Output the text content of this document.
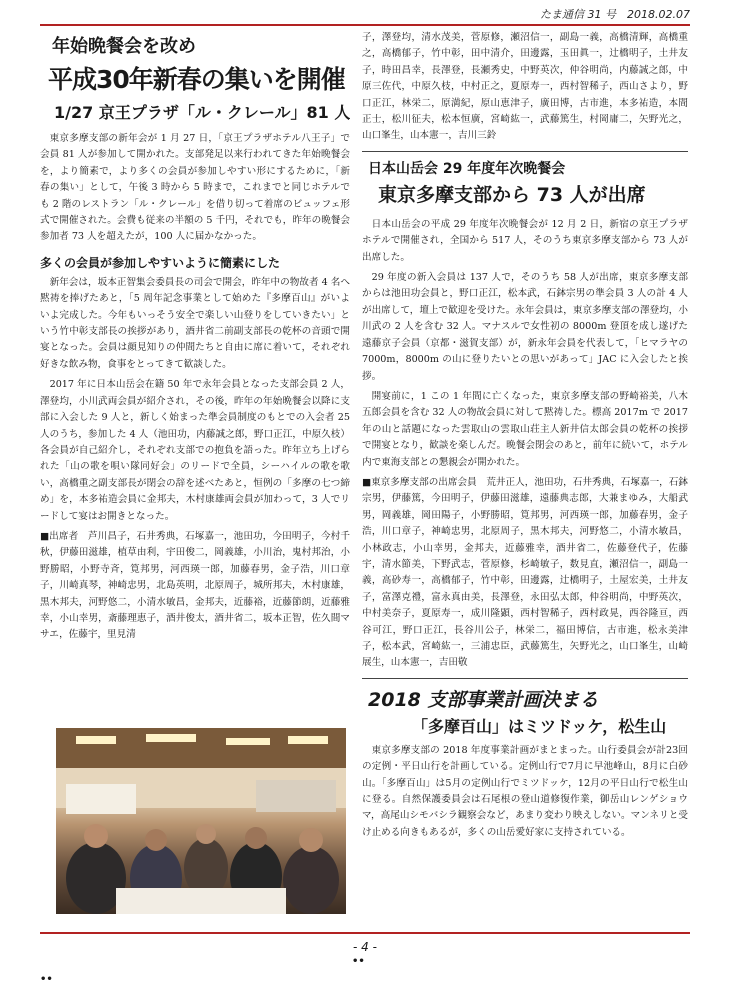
たま通信 31 号　2018.02.07
年始晩餐会を改め
平成30年新春の集いを開催
1/27 京王プラザ「ル・クレール」81 人

東京多摩支部の新年会が 1 月 27 日，「京王プラザホテル八王子」で会員 81 人が参加して開かれた。支部発足以来行われてきた年始晩餐会を，より簡素で，より多くの会員が参加しやすい形にするために，「新春の集い」として，午後 3 時から 5 時まで，これまでと同じホテルでも 2 階のレストラン「ル・クレール」を借り切って着席のビュッフェ形式で開催された。会費も従来の半額の 5 千円，それでも，昨年の晩餐会参加者 73 人を超えたが，100 人に届かなかった。

多くの会員が参加しやすいように簡素にした

新年会は，坂本正智集会委員長の司会で開会，昨年中の物故者 4 名へ黙祷を捧げたあと，「5 周年記念事業として始めた『多摩百山』がいよいよ完成した。今年もいっそう安全で楽しい山登りをしていきたい」という竹中彰支部長の挨拶があり，酒井省二前副支部長の乾杯の音頭で開宴となった。会員は顔見知りの仲間たちと自由に席に着いて，それぞれ好きな飲み物，食事をとってきて歓談した。

2017 年に日本山岳会在籍 50 年で永年会員となった支部会員 2 人，澤登均，小川武両会員が紹介され，その後，昨年の年始晩餐会以降に支部に入会した 9 人と，新しく始まった準会員制度のもとでの入会者 25 人のうち，参加した 4 人（池田功，内藤誠之郎，野口正江，中原久枝）各会員が自己紹介し，それぞれ支部での抱負を語った。昨年立ち上げられた「山の歌を唄い隊同好会」のリードで全員，シーハイルの歌を歌い，高橋重之副支部長が閉会の辞を述べたあと，恒例の「多摩の七つ締め」を，本多祐造会員に金邦夫，木村康雄両会員が加わって，3 人でリードして宴はお開きとなった。

■出席者　芦川昌子，石井秀典，石塚嘉一，池田功，今田明子，今村千秋，伊藤田滋雄，植草由利，宇田俊二，岡義雄，小川治，鬼村邦治，小野勝昭，小野寺斉，筧邦男，河西瑛一郎，加藤春男，金子浩，川口章子，川崎真琴，神崎忠男，北島英明，北原周子，城所邦夫，木村康雄，黒木邦夫，河野悠二，小清水敏昌，金邦夫，近藤裕，近藤節朗，近藤雅幸，小山幸男，斎藤理恵子，酒井俊太，酒井省二，坂本正智，佐久間マサエ，佐藤宇，里見清
子，澤登均，清水茂美，菅原修，瀬沼信一，副島一義，高橋清輝，高橋重之，高橋郁子，竹中彰，田中清介，田邊露，玉田眞一，辻橋明子，土井友子，時田昌幸，長澤登，長瀬秀史，中野英次，仲谷明尚，内藤誠之郎，中原三佐代，中原久枝，中村正之，夏原寿一，西村智稀子，西山さより，野口正江，林栄二，原満紀，原山恵津子，廣田博，古市進，本多祐造，本間正士，松川征夫，松本恒廣，宮崎紘一，武藤篤生，村岡庸二，矢野光之，山口峯生，山本憲一，吉川三鈴
日本山岳会 29 年度年次晩餐会
東京多摩支部から 73 人が出席

日本山岳会の平成 29 年度年次晩餐会が 12 月 2 日，新宿の京王プラザホテルで開催され，全国から 517 人，そのうち東京多摩支部から 73 人が出席した。

29 年度の新入会員は 137 人で，そのうち 58 人が出席，東京多摩支部からは池田功会員と，野口正江，松本武，石鉢宗男の準会員 3 人の計 4 人が出席して，壇上で歓迎を受けた。永年会員は，東京多摩支部の澤登均，小川武の 2 人を含む 32 人。マナスルで女性初の 8000m 登頂を成し遂げた遠藤京子会員（京都・滋賀支部）が，新永年会員を代表して，「ヒマラヤの 7000m，8000m の山に登りたいとの思いがあって」JAC に入会したと挨拶。

開宴前に，1 この 1 年間に亡くなった，東京多摩支部の野崎裕美，八木五郎会員を含む 32 人の物故会員に対して黙祷した。標高 2017m で 2017 年の山と話題になった雲取山の雲取山荘主人新井信太郎会員の乾杯の挨拶で開宴となり，歓談を楽しんだ。晩餐会閉会のあと，前年に続いて，ホテル内で東海支部との懇親会が開かれた。

■東京多摩支部の出席会員　荒井正人，池田功，石井秀典，石塚嘉一，石鉢宗男，伊藤篤，今田明子，伊藤田滋雄，遠藤典志郎，大兼まゆみ，大船武男，岡義雄，岡田陽子，小野勝昭，筧邦男，河西瑛一郎，加藤春男，金子浩，川口章子，神崎忠男，北原周子，黒木邦夫，河野悠二，小清水敏昌，小林政志，小山幸男，金邦夫，近藤雅幸，酒井省二，佐藤登代子，佐藤宇，清水節美，下野武志，菅原修，杉崎敏子，数見直，瀬沼信一，副島一義，高砂寿一，高橋郁子，竹中彰，田邊露，辻橋明子，土屋宏美，土井友子，富澤克禮，富永真由美，長澤登，永田弘太郎，仲谷明尚，中野英次，中村美奈子，夏原寿一，成川隆顕，西村智稀子，西村政晃，西谷隆亘，西谷可江，野口正江，長谷川公子，林栄二，福田博信，古市進，松永美津子，松本武，宮崎紘一，三浦忠臣，武藤篤生，矢野光之，山口峯生，山崎展生，山本憲一，吉田敬
2018 支部事業計画決まる
「多摩百山」はミツドッケ，松生山

東京多摩支部の 2018 年度事業計画がまとまった。山行委員会が計23回の定例・平日山行を計画している。定例山行で7月に早池峰山，8月に白砂山。「多摩百山」は5月の定例山行でミツドッケ，12月の平日山行で松生山に登る。自然保護委員会は石尾根の登山道修復作業，御岳山レンゲショウマ，高尾山シモバシラ観察会など，あまり変わり映えしない。マンネリと受け止める向きもあるが，多くの山岳愛好家に支持されている。

- 4 -
••
••
